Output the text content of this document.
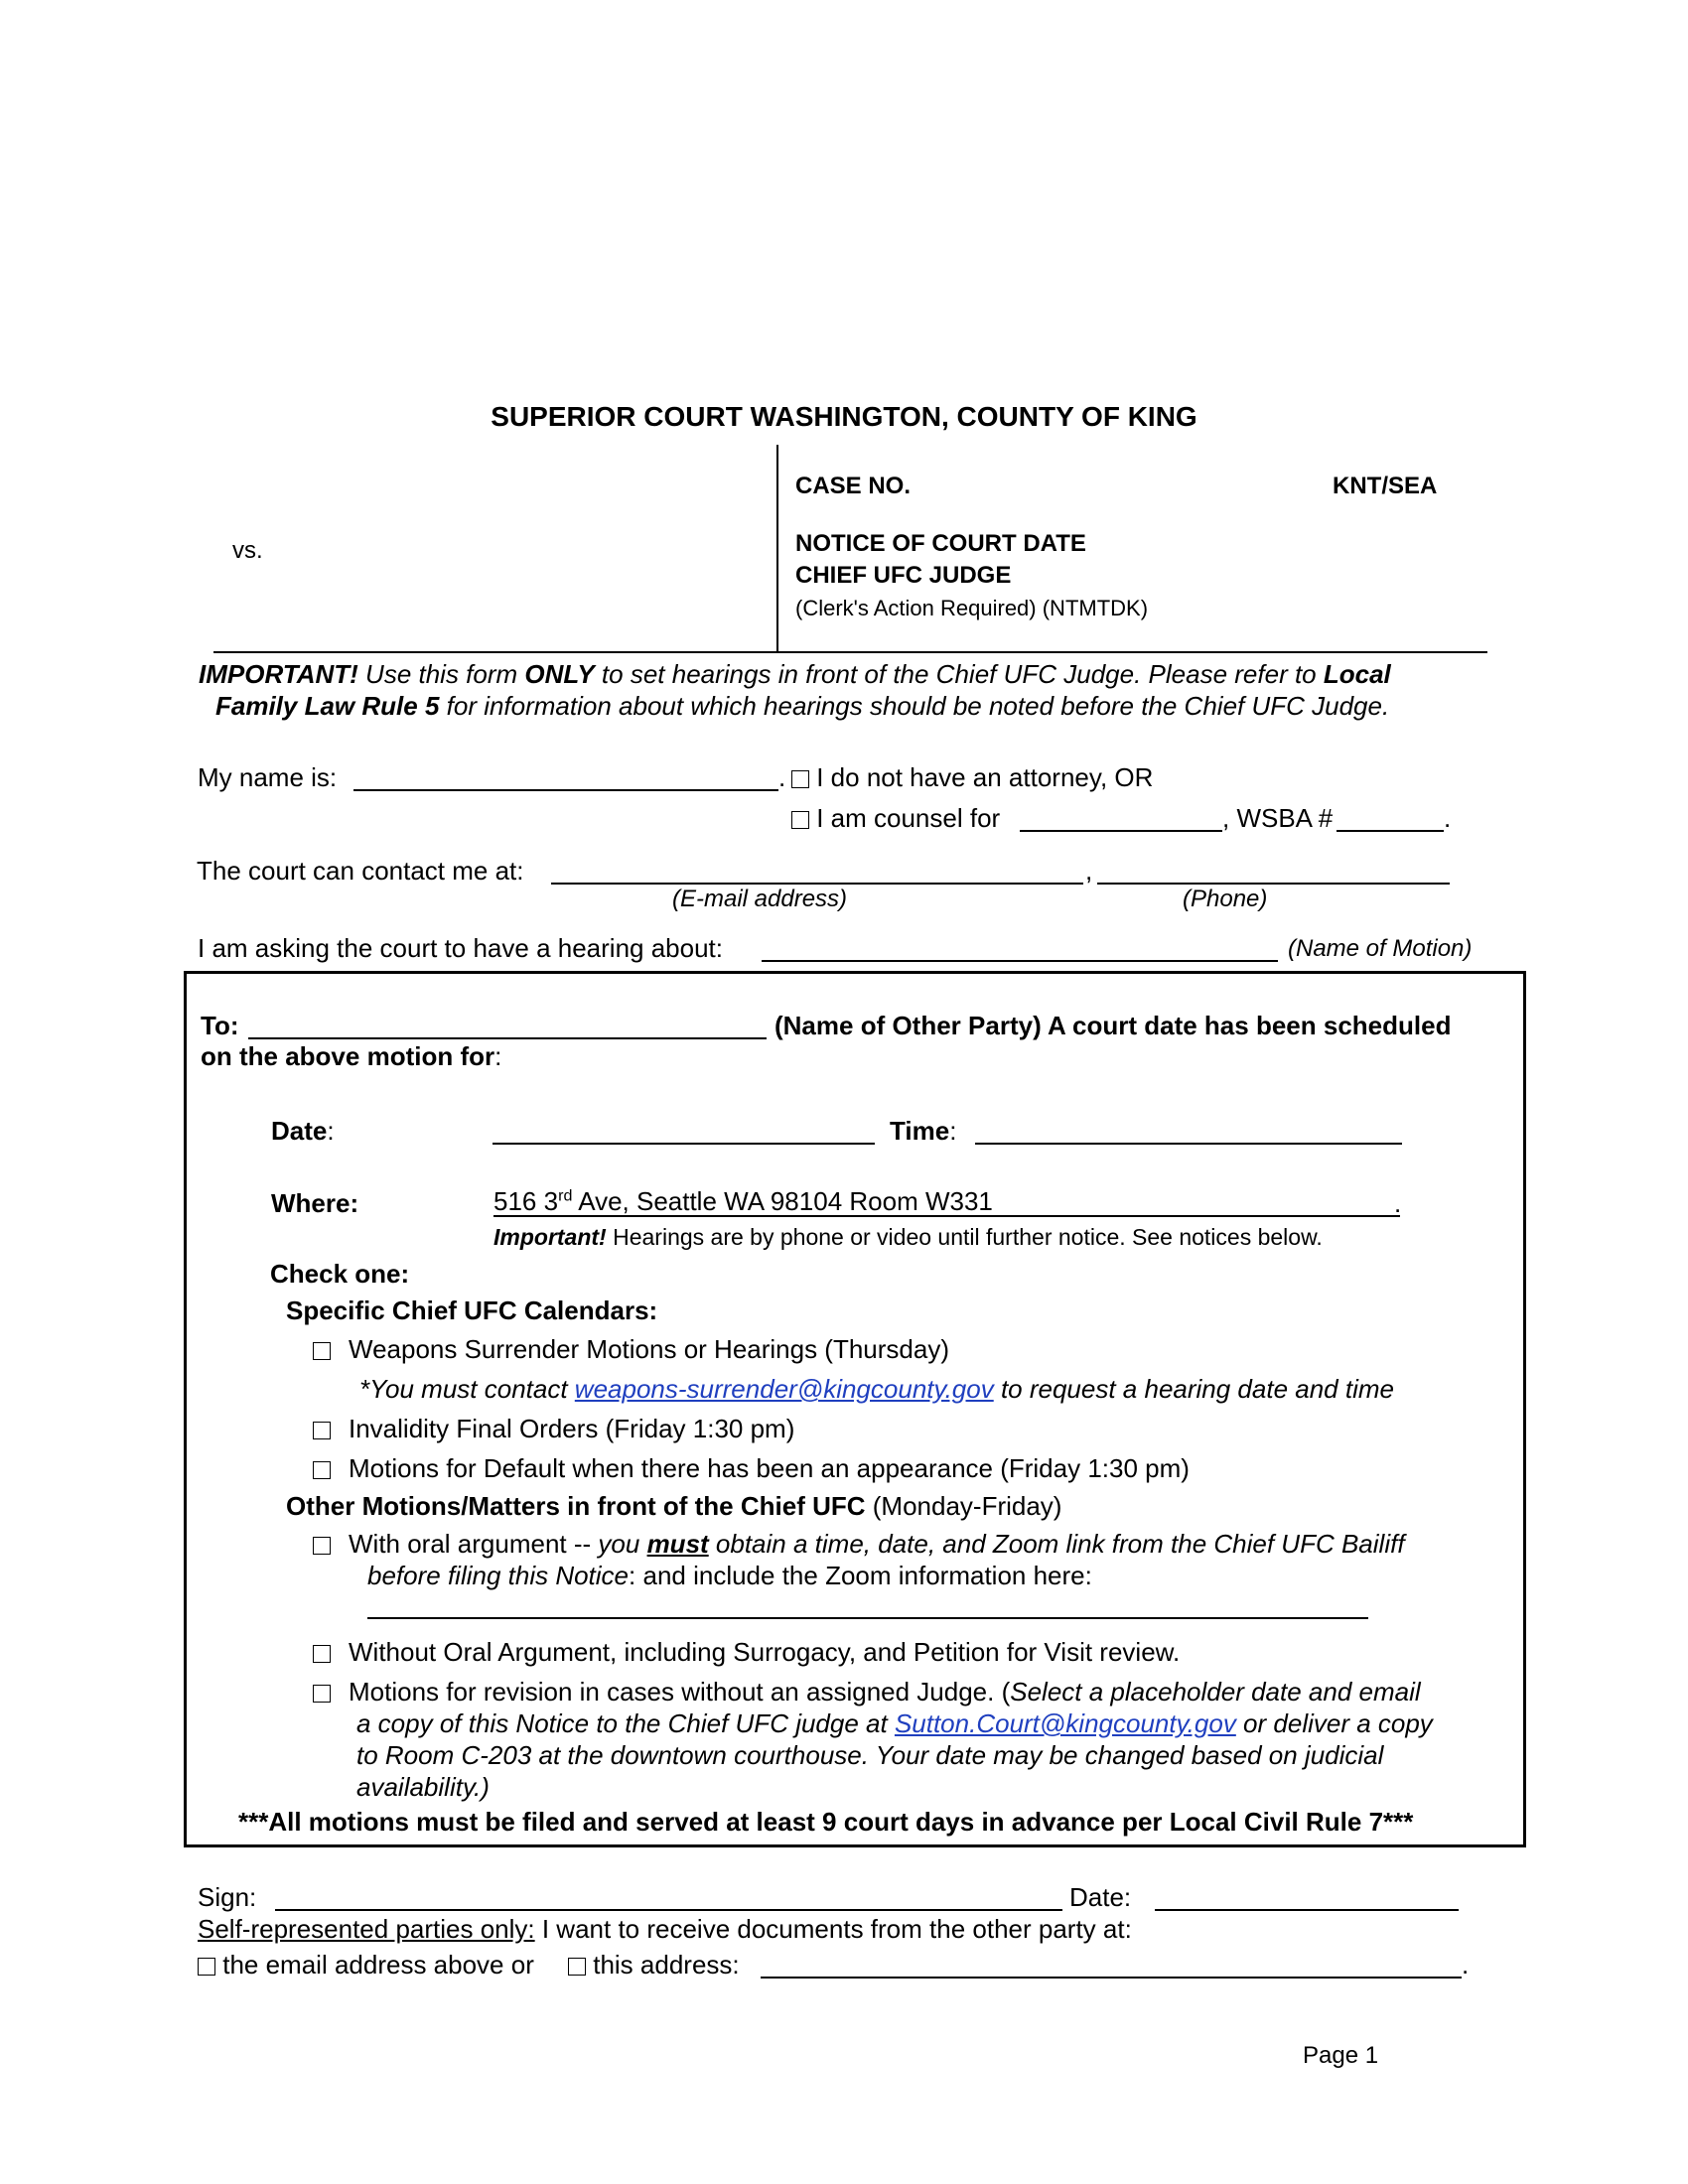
SUPERIOR COURT WASHINGTON, COUNTY OF KING
CASE NO.	KNT/SEA
vs.	NOTICE OF COURT DATE
CHIEF UFC JUDGE
(Clerk's Action Required) (NTMTDK)
IMPORTANT! Use this form ONLY to set hearings in front of the Chief UFC Judge. Please refer to Local
Family Law Rule 5 for information about which hearings should be noted before the Chief UFC Judge.
My name is:	. I do not have an attorney, OR
I am counsel for	, WSBA #	.
The court can contact me at:	,
(E-mail address)	(Phone)
I am asking the court to have a hearing about:	(Name of Motion)
To:	(Name of Other Party) A court date has been scheduled
on the above motion for:
Date:	Time:
Where:	516 3rd Ave, Seattle WA 98104 Room W331	.
Important! Hearings are by phone or video until further notice. See notices below.
Check one:
Specific Chief UFC Calendars:
Weapons Surrender Motions or Hearings (Thursday)
*You must contact weapons-surrender@kingcounty.gov to request a hearing date and time
Invalidity Final Orders (Friday 1:30 pm)
Motions for Default when there has been an appearance (Friday 1:30 pm)
Other Motions/Matters in front of the Chief UFC (Monday-Friday)
With oral argument -- you must obtain a time, date, and Zoom link from the Chief UFC Bailiff
before filing this Notice: and include the Zoom information here:
Without Oral Argument, including Surrogacy, and Petition for Visit review.
Motions for revision in cases without an assigned Judge. (Select a placeholder date and email
a copy of this Notice to the Chief UFC judge at Sutton.Court@kingcounty.gov or deliver a copy
to Room C-203 at the downtown courthouse. Your date may be changed based on judicial
availability.)
***All motions must be filed and served at least 9 court days in advance per Local Civil Rule 7***
Sign:	Date:
Self-represented parties only: I want to receive documents from the other party at:
the email address above or	this address:	.
Page 1
